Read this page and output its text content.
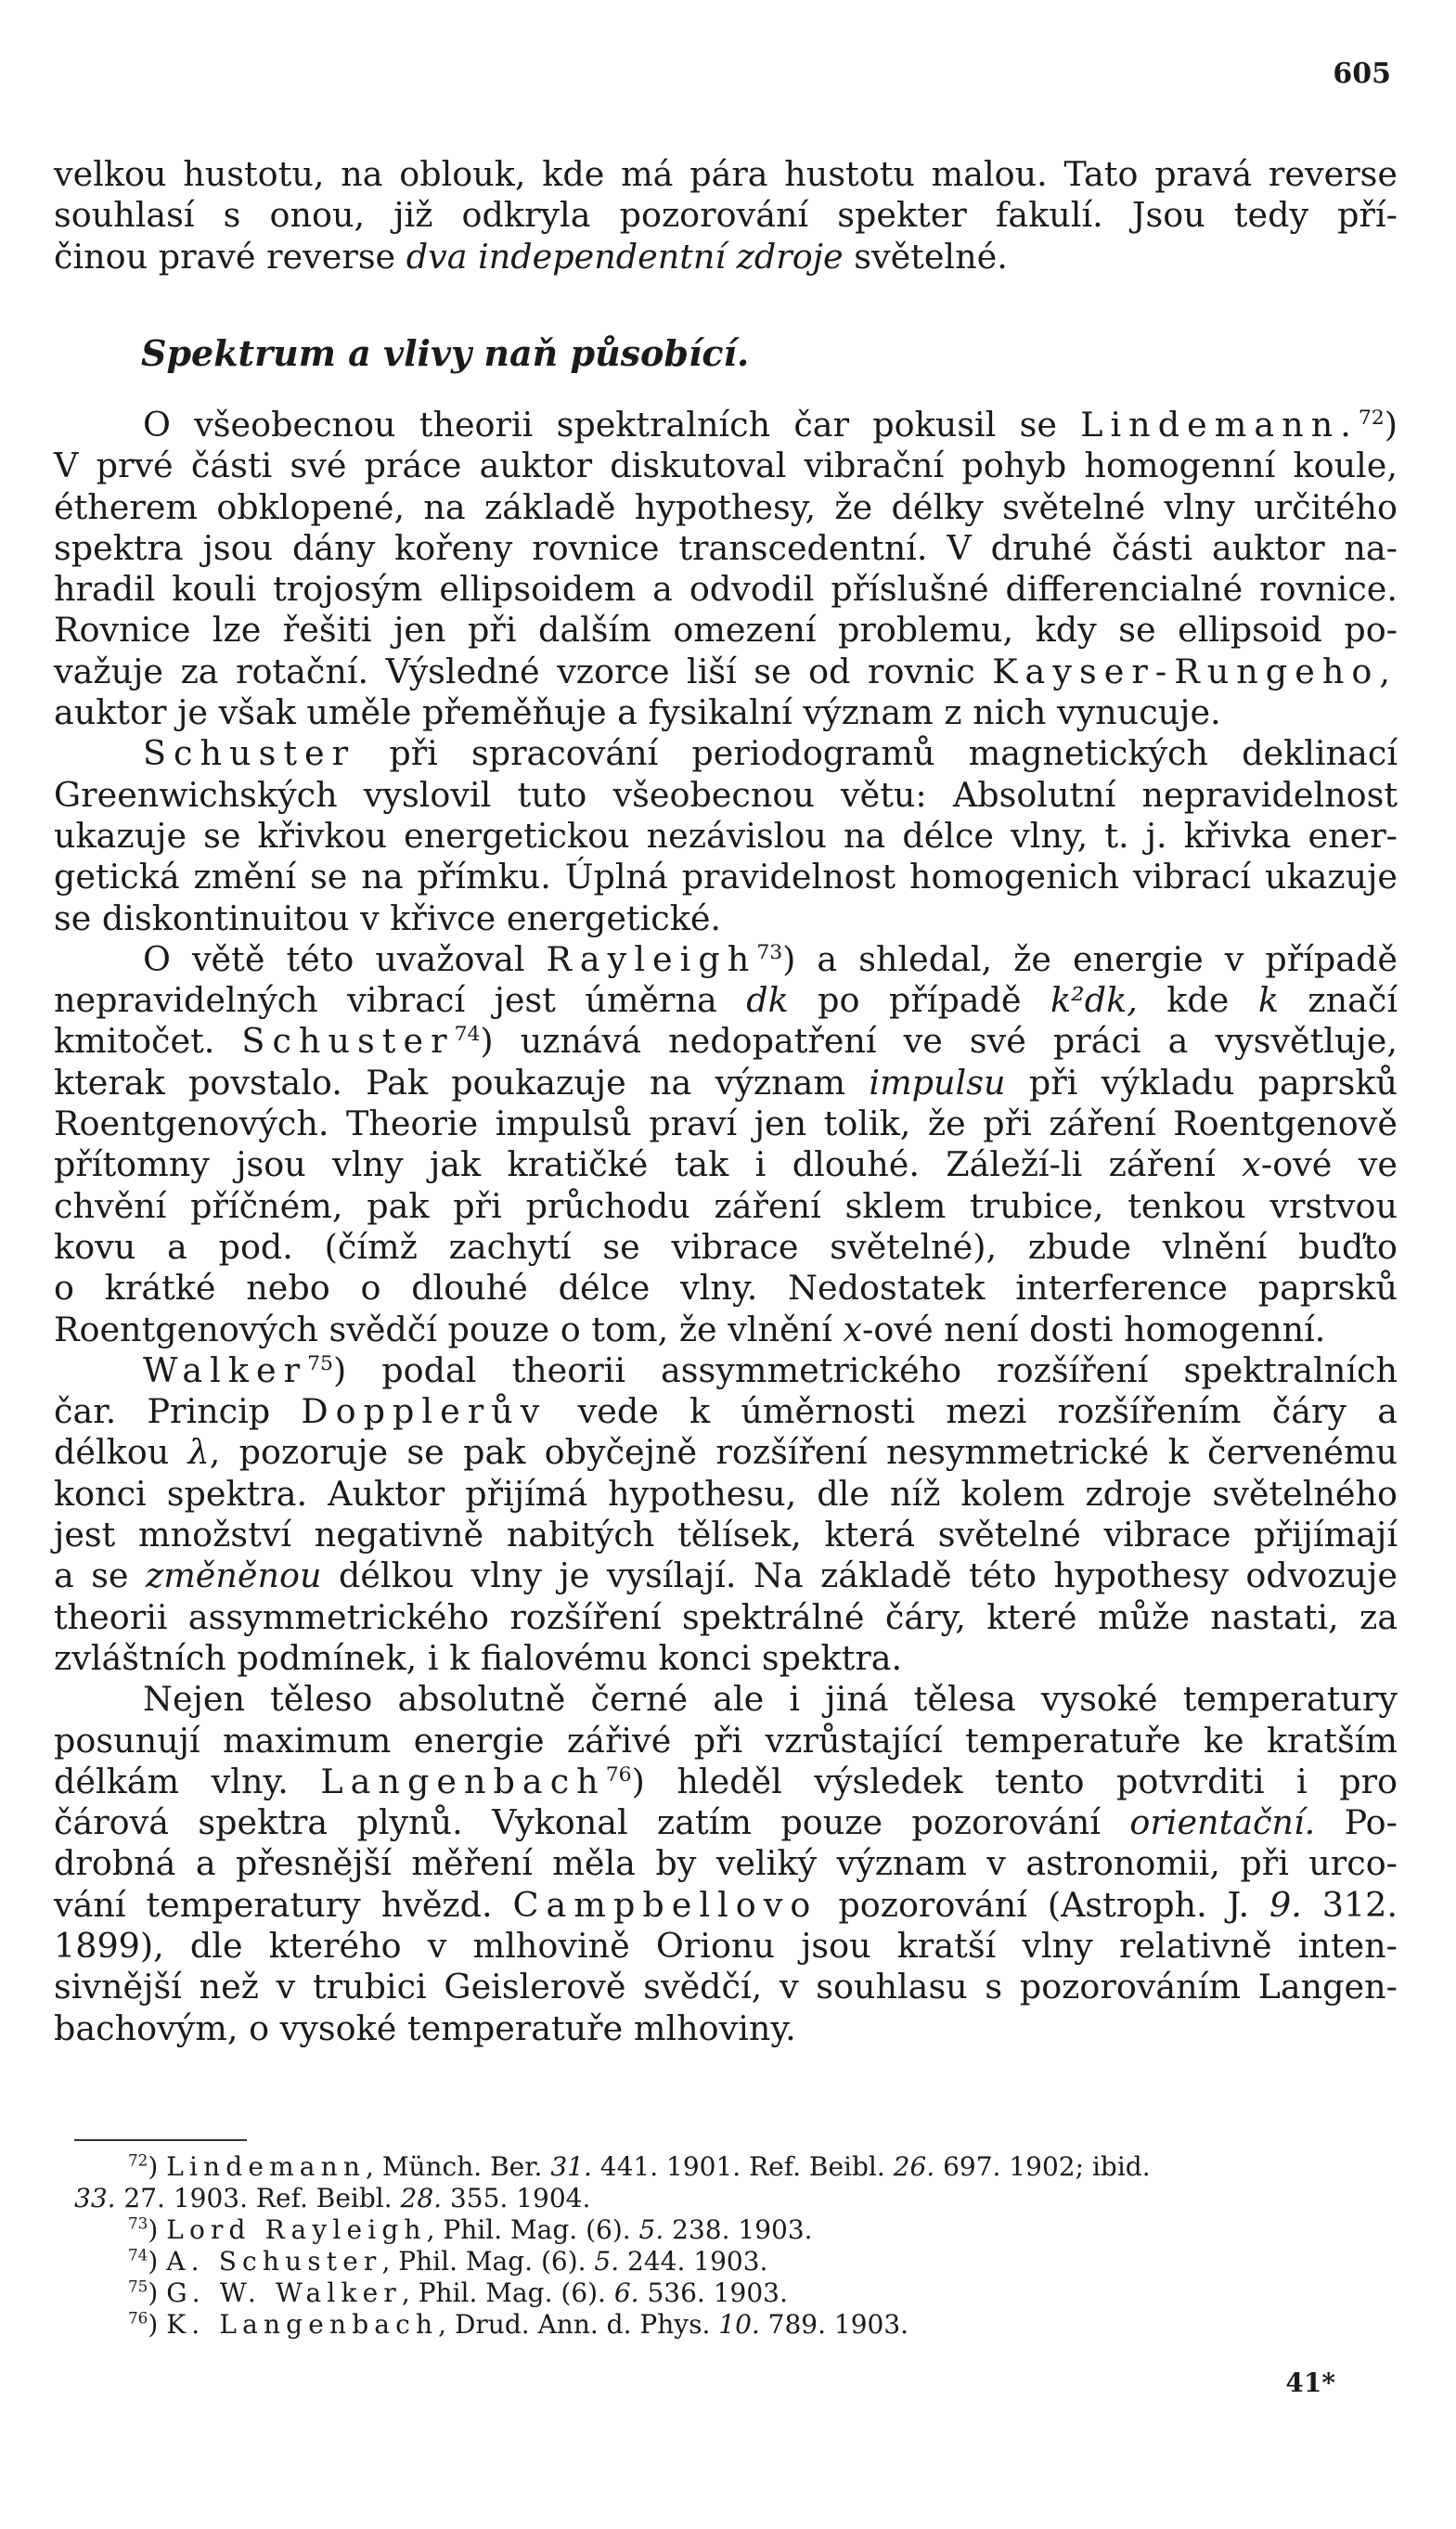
605
velkou hustotu, na oblouk, kde má pára hustotu malou. Tato pravá reverse
souhlasí s onou, již odkryla pozorování spekter fakulí. Jsou tedy pří-
činou pravé reverse dva independentní zdroje světelné.
Spektrum a vlivy naň působící.
O všeobecnou theorii spektralních čar pokusil se Lindemann.$^{72}$)
V prvé části své práce auktor diskutoval vibrační pohyb homogenní koule,
étherem obklopené, na základě hypothesy, že délky světelné vlny určitého
spektra jsou dány kořeny rovnice transcedentní. V druhé části auktor na-
hradil kouli trojosým ellipsoidem a odvodil příslušné differencialné rovnice.
Rovnice lze řešiti jen při dalším omezení problemu, kdy se ellipsoid po-
važuje za rotační. Výsledné vzorce liší se od rovnic Kayser-Rungeho,
auktor je však uměle přeměňuje a fysikalní význam z nich vynucuje.
Schuster při spracování periodogramů magnetických deklinací
Greenwichských vyslovil tuto všeobecnou větu: Absolutní nepravidelnost
ukazuje se křivkou energetickou nezávislou na délce vlny, t. j. křivka ener-
getická změní se na přímku. Úplná pravidelnost homogenich vibrací ukazuje
se diskontinuitou v křivce energetické.
O větě této uvažoval Rayleigh$^{73}$) a shledal, že energie v případě
nepravidelných vibrací jest úměrna dk po případě k²dk, kde k značí
kmitočet. Schuster$^{74}$) uznává nedopatření ve své práci a vysvětluje,
kterak povstalo. Pak poukazuje na význam impulsu při výkladu paprsků
Roentgenových. Theorie impulsů praví jen tolik, že při záření Roentgenově
přítomny jsou vlny jak kratičké tak i dlouhé. Záleží-li záření x-ové ve
chvění příčném, pak při průchodu záření sklem trubice, tenkou vrstvou
kovu a pod. (čímž zachytí se vibrace světelné), zbude vlnění buďto
o krátké nebo o dlouhé délce vlny. Nedostatek interference paprsků
Roentgenových svědčí pouze o tom, že vlnění x-ové není dosti homogenní.
Walker$^{75}$) podal theorii assymmetrického rozšíření spektralních
čar. Princip Dopplerův vede k úměrnosti mezi rozšířením čáry a
délkou λ, pozoruje se pak obyčejně rozšíření nesymmetrické k červenému
konci spektra. Auktor přijímá hypothesu, dle níž kolem zdroje světelného
jest množství negativně nabitých tělísek, která světelné vibrace přijímají
a se změněnou délkou vlny je vysílají. Na základě této hypothesy odvozuje
theorii assymmetrického rozšíření spektrálné čáry, které může nastati, za
zvláštních podmínek, i k fialovému konci spektra.
Nejen těleso absolutně černé ale i jiná tělesa vysoké temperatury
posunují maximum energie zářivé při vzrůstající temperatuře ke kratším
délkám vlny. Langenbach$^{76}$) hleděl výsledek tento potvrditi i pro
čárová spektra plynů. Vykonal zatím pouze pozorování orientační. Po-
drobná a přesnější měření měla by veliký význam v astronomii, při urco-
vání temperatury hvězd. Campbellovo pozorování (Astroph. J. 9. 312.
1899), dle kterého v mlhovině Orionu jsou kratší vlny relativně inten-
sivnější než v trubici Geislerově svědčí, v souhlasu s pozorováním Langen-
bachovým, o vysoké temperatuře mlhoviny.
$^{72}$) Lindemann, Münch. Ber. 31. 441. 1901. Ref. Beibl. 26. 697. 1902; ibid.
33. 27. 1903. Ref. Beibl. 28. 355. 1904.
$^{73}$) Lord Rayleigh, Phil. Mag. (6). 5. 238. 1903.
$^{74}$) A. Schuster, Phil. Mag. (6). 5. 244. 1903.
$^{75}$) G. W. Walker, Phil. Mag. (6). 6. 536. 1903.
$^{76}$) K. Langenbach, Drud. Ann. d. Phys. 10. 789. 1903.
41*
